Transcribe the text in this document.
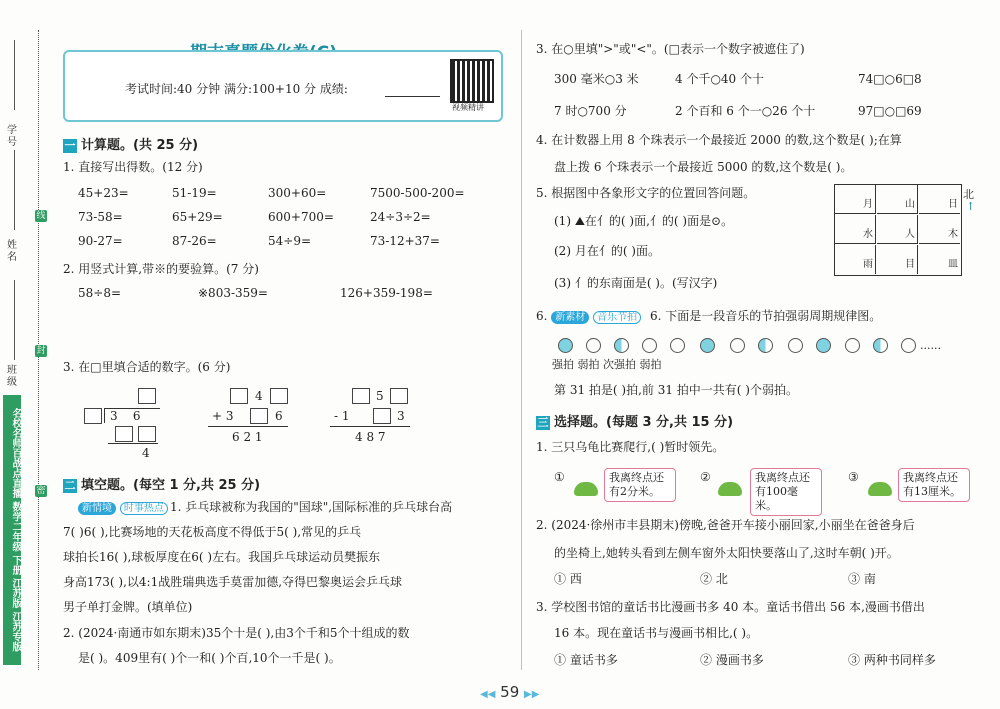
学号
姓名
班级
线
封
密
名校名师百战点直播 数学二年级 下册 江苏版 江苏专版
考试时间:40 分钟 满分:100+10 分 成绩:
视频精讲
一 计算题。(共 25 分)
1. 直接写出得数。(12 分)
45+23=	51-19=	300+60=	7500-500-200=
73-58=	65+29=	600+700=	24÷3÷2=
90-27=	87-26=	54÷9=	73-12+37=
2. 用竖式计算,带※的要验算。(7 分)
58÷8=	※803-359=	126+359-198=
3. 在□里填合适的数字。(6 分)
3 6
4
4
+ 3	6
6 2 1
5
- 1	3
4 8 7
二 填空题。(每空 1 分,共 25 分)
新情境 时事热点 1. 乒乓球被称为我国的"国球",国际标准的乒乓球台高
7( )6( ),比赛场地的天花板高度不得低于5( ),常见的乒乓
球拍长16( ),球板厚度在6( )左右。我国乒乓球运动员樊振东
身高173( ),以4:1战胜瑞典选手莫雷加德,夺得巴黎奥运会乒乓球
男子单打金牌。(填单位)
2. (2024·南通市如东期末)35个十是( ),由3个千和5个十组成的数
是( )。409里有( )个一和( )个百,10个一千是( )。
3. 在○里填">"或"<"。(□表示一个数字被遮住了)
300 毫米○3 米	4 个千○40 个十	74□○6□8
7 时○700 分	2 个百和 6 个一○26 个十	97□○□69
4. 在计数器上用 8 个珠表示一个最接近 2000 的数,这个数是( );在算
盘上拨 6 个珠表示一个最接近 5000 的数,这个数是( )。
5. 根据图中各象形文字的位置回答问题。
(1) ⛰在⺅的( )面,⺅的( )面是⊙。
(2) 月在⺅的( )面。
(3) ⺅的东南面是( )。(写汉字)
月	山	日
水	人	木
雨	目	皿
北
↑
6. 新素材 音乐节拍	6. 下面是一段音乐的节拍强弱周期规律图。
......
强拍 弱拍 次强拍 弱拍
第 31 拍是( )拍,前 31 拍中一共有( )个弱拍。
三 选择题。(每题 3 分,共 15 分)
1. 三只乌龟比赛爬行,( )暂时领先。
①	我离终点还有2分米。
②	我离终点还有100毫米。
③	我离终点还有13厘米。
2. (2024·徐州市丰县期末)傍晚,爸爸开车接小丽回家,小丽坐在爸爸身后
的坐椅上,她转头看到左侧车窗外太阳快要落山了,这时车朝( )开。
① 西	② 北	③ 南
3. 学校图书馆的童话书比漫画书多 40 本。童话书借出 56 本,漫画书借出
16 本。现在童话书与漫画书相比,( )。
① 童话书多	② 漫画书多	③ 两种书同样多
◀◀ 59 ▶▶
